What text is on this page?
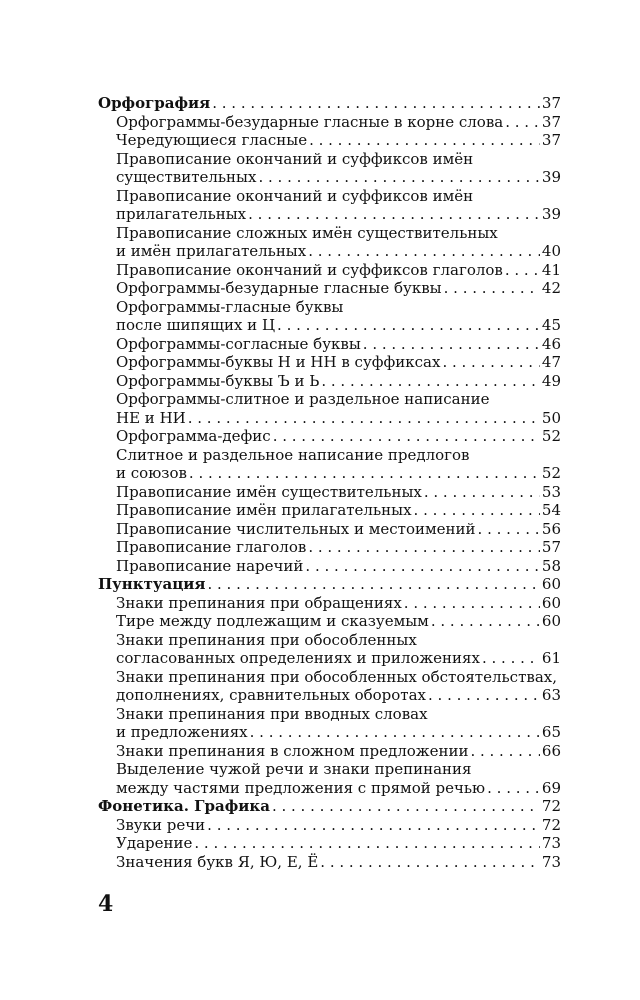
Орфография . . .	37
Орфограммы-безударные гласные в корне слова . . .	37
Чередующиеся гласные . . .	37
Правописание окончаний и суффиксов имён
существительных . . .	39
Правописание окончаний и суффиксов имён
прилагательных . . .	39
Правописание сложных имён существительных
и имён прилагательных . . .	40
Правописание окончаний и суффиксов глаголов . . .	41
Орфограммы-безударные гласные буквы . . .	42
Орфограммы-гласные буквы
после шипящих и Ц . . .	45
Орфограммы-согласные буквы . . .	46
Орфограммы-буквы Н и НН в суффиксах . . .	47
Орфограммы-буквы Ъ и Ь . . .	49
Орфограммы-слитное и раздельное написание
НЕ и НИ . . .	50
Орфограмма-дефис . . .	52
Слитное и раздельное написание предлогов
и союзов . . .	52
Правописание имён существительных . . .	53
Правописание имён прилагательных . . .	54
Правописание числительных и местоимений . . .	56
Правописание глаголов . . .	57
Правописание наречий . . .	58
Пунктуация . . .	60
Знаки препинания при обращениях . . .	60
Тире между подлежащим и сказуемым . . .	60
Знаки препинания при обособленных
согласованных определениях и приложениях . . .	61
Знаки препинания при обособленных обстоятельствах,
дополнениях, сравнительных оборотах . . .	63
Знаки препинания при вводных словах
и предложениях . . .	65
Знаки препинания в сложном предложении . . .	66
Выделение чужой речи и знаки препинания
между частями предложения с прямой речью . . .	69
Фонетика. Графика . . .	72
Звуки речи . . .	72
Ударение . . .	73
Значения букв Я, Ю, Е, Ё . . .	73
4
